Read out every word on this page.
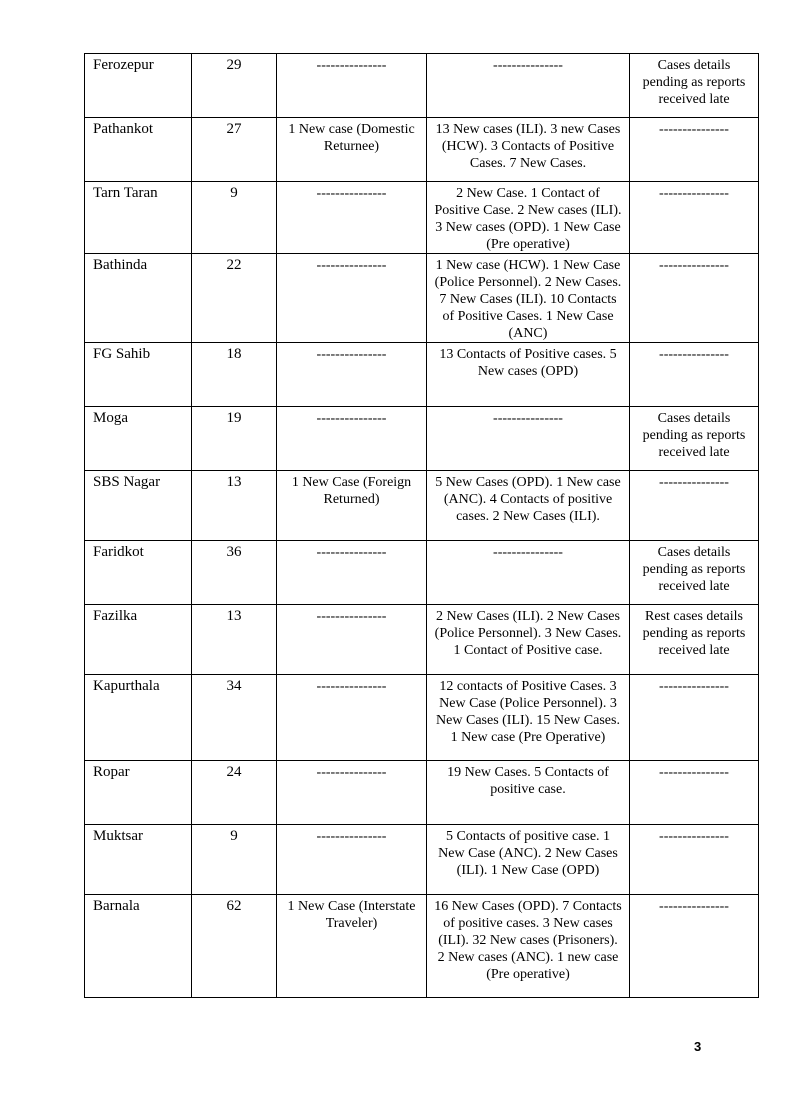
Ferozepur	29	---------------	---------------	Cases details pending as reports received late
Pathankot	27	1 New case (Domestic Returnee)	13 New cases (ILI). 3 new Cases (HCW). 3 Contacts of Positive Cases. 7 New Cases.	---------------
Tarn Taran	9	---------------	2 New Case. 1 Contact of Positive Case. 2 New cases (ILI). 3 New cases (OPD). 1 New Case (Pre operative)	---------------
Bathinda	22	---------------	1 New case (HCW). 1 New Case (Police Personnel). 2 New Cases. 7 New Cases (ILI). 10 Contacts of Positive Cases. 1 New Case (ANC)	---------------
FG Sahib	18	---------------	13 Contacts of Positive cases. 5 New cases (OPD)	---------------
Moga	19	---------------	---------------	Cases details pending as reports received late
SBS Nagar	13	1 New Case (Foreign Returned)	5 New Cases (OPD). 1 New case (ANC). 4 Contacts of positive cases. 2 New Cases (ILI).	---------------
Faridkot	36	---------------	---------------	Cases details pending as reports received late
Fazilka	13	---------------	2 New Cases (ILI). 2 New Cases (Police Personnel). 3 New Cases. 1 Contact of Positive case.	Rest cases details pending as reports received late
Kapurthala	34	---------------	12 contacts of Positive Cases. 3 New Case (Police Personnel). 3 New Cases (ILI). 15 New Cases. 1 New case (Pre Operative)	---------------
Ropar	24	---------------	19 New Cases. 5 Contacts of positive case.	---------------
Muktsar	9	---------------	5 Contacts of positive case. 1 New Case (ANC). 2 New Cases (ILI). 1 New Case (OPD)	---------------
Barnala	62	1 New Case (Interstate Traveler)	16 New Cases (OPD). 7 Contacts of positive cases. 3 New cases (ILI). 32 New cases (Prisoners). 2 New cases (ANC). 1 new case (Pre operative)	---------------
3
